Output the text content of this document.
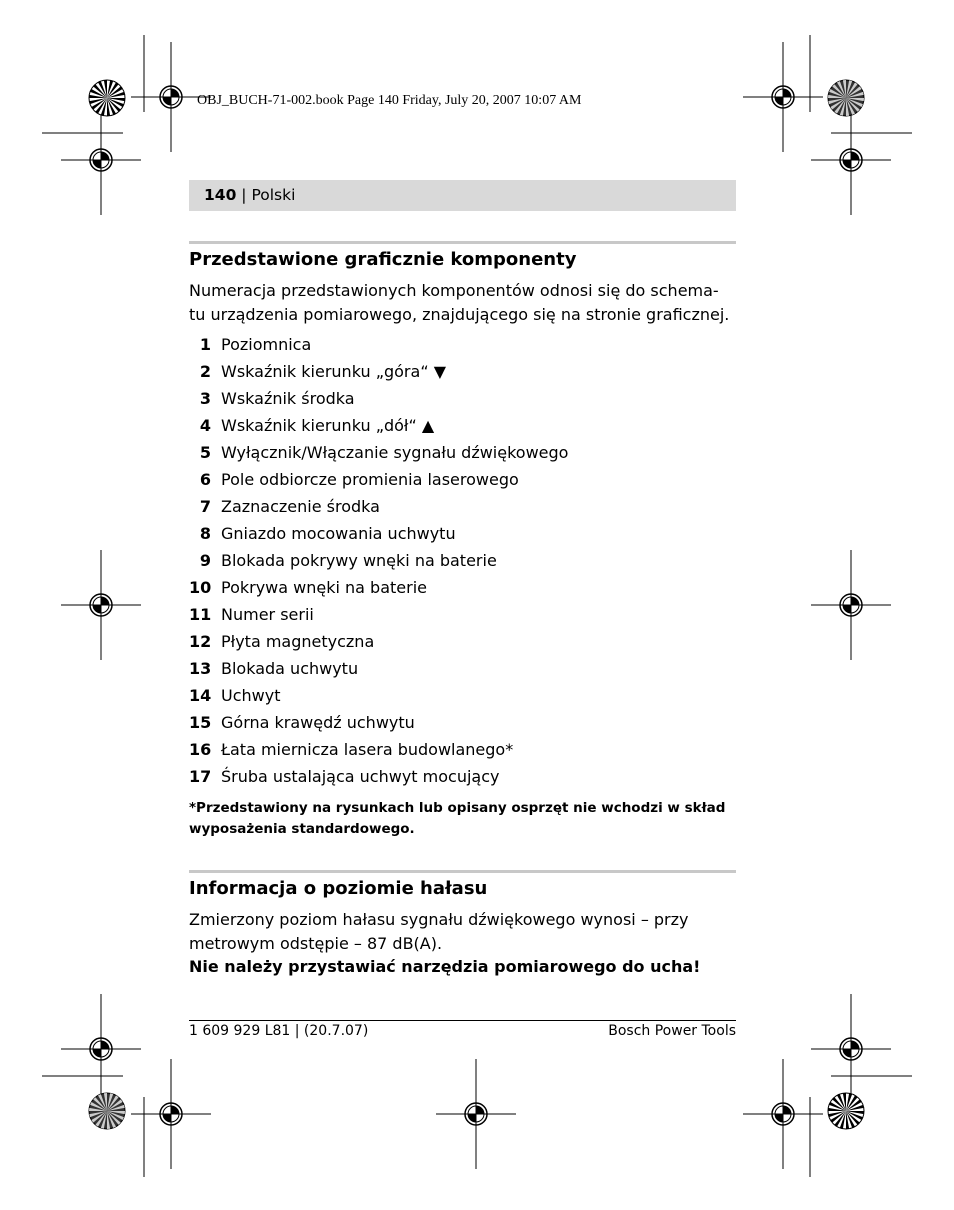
OBJ_BUCH-71-002.book Page 140 Friday, July 20, 2007 10:07 AM
140 | Polski
Przedstawione graficznie komponenty
Numeracja przedstawionych komponentów odnosi się do schema-
tu urządzenia pomiarowego, znajdującego się na stronie graficznej.
1 Poziomnica
2 Wskaźnik kierunku „góra“ ▼
3 Wskaźnik środka
4 Wskaźnik kierunku „dół“ ▲
5 Wyłącznik/Włączanie sygnału dźwiękowego
6 Pole odbiorcze promienia laserowego
7 Zaznaczenie środka
8 Gniazdo mocowania uchwytu
9 Blokada pokrywy wnęki na baterie
10 Pokrywa wnęki na baterie
11 Numer serii
12 Płyta magnetyczna
13 Blokada uchwytu
14 Uchwyt
15 Górna krawędź uchwytu
16 Łata miernicza lasera budowlanego*
17 Śruba ustalająca uchwyt mocujący
*Przedstawiony na rysunkach lub opisany osprzęt nie wchodzi w skład
wyposażenia standardowego.
Informacja o poziomie hałasu
Zmierzony poziom hałasu sygnału dźwiękowego wynosi – przy
metrowym odstępie – 87 dB(A).
Nie należy przystawiać narzędzia pomiarowego do ucha!
1 609 929 L81 | (20.7.07)	Bosch Power Tools
